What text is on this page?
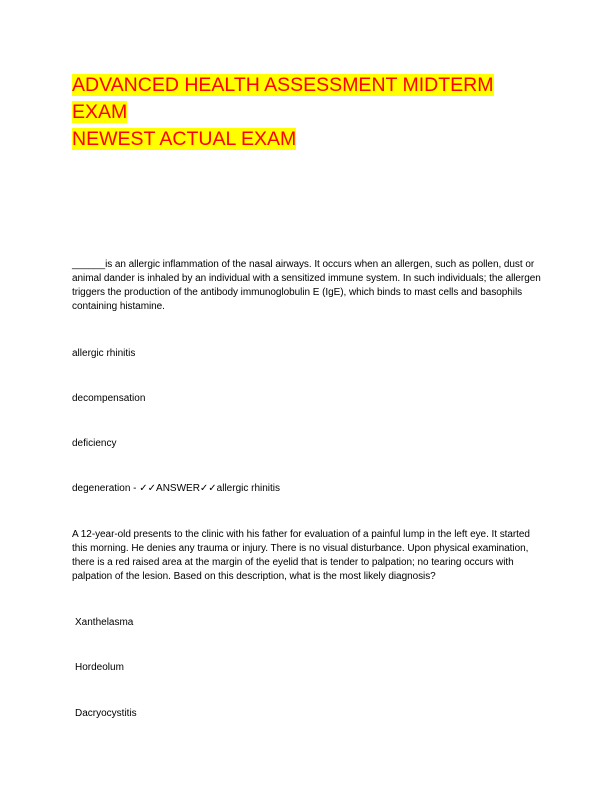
ADVANCED HEALTH ASSESSMENT MIDTERM EXAM
NEWEST ACTUAL EXAM

______is an allergic inflammation of the nasal airways. It occurs when an allergen, such as pollen, dust or animal dander is inhaled by an individual with a sensitized immune system. In such individuals; the allergen triggers the production of the antibody immunoglobulin E (IgE), which binds to mast cells and basophils containing histamine.

allergic rhinitis

decompensation

deficiency

degeneration - ✓✓ANSWER✓✓allergic rhinitis

A 12-year-old presents to the clinic with his father for evaluation of a painful lump in the left eye. It started this morning. He denies any trauma or injury. There is no visual disturbance. Upon physical examination, there is a red raised area at the margin of the eyelid that is tender to palpation; no tearing occurs with palpation of the lesion. Based on this description, what is the most likely diagnosis?

Xanthelasma

Hordeolum

Dacryocystitis
